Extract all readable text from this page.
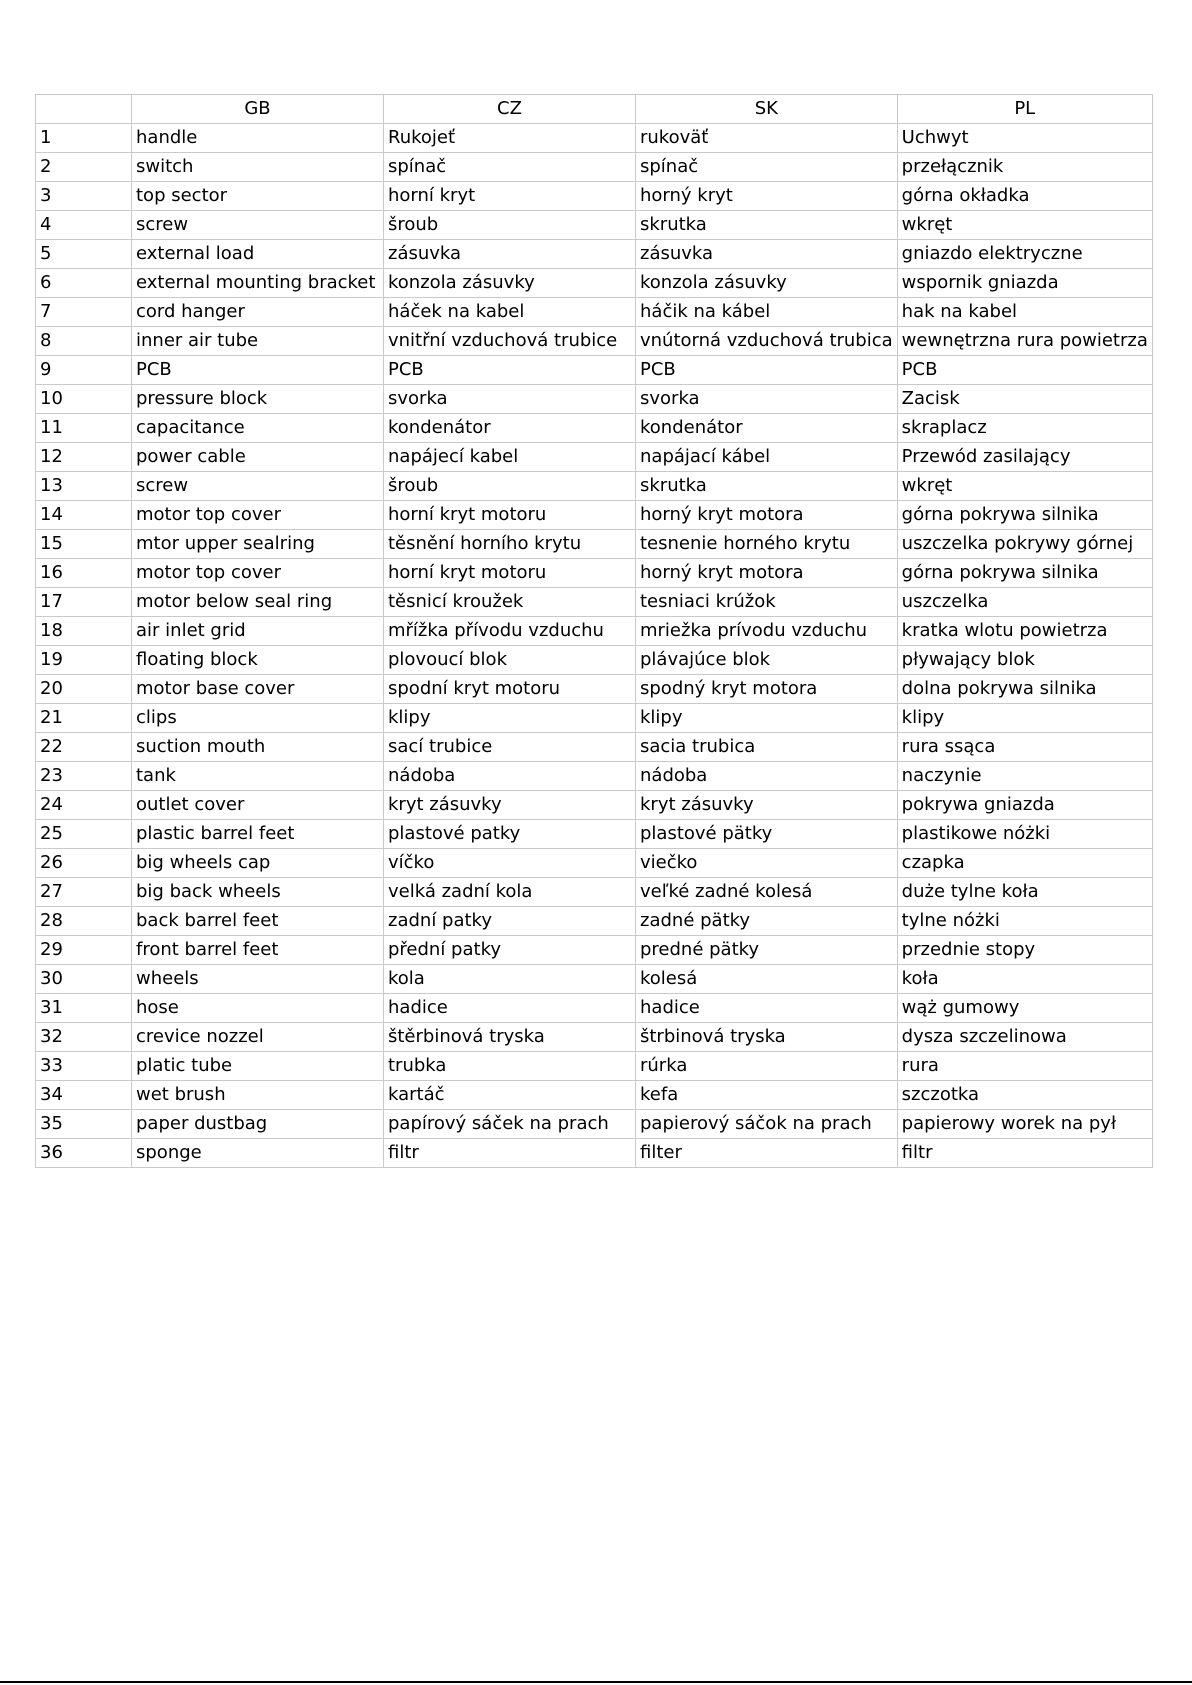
	GB	CZ	SK	PL
1	handle	Rukojeť	rukoväť	Uchwyt
2	switch	spínač	spínač	przełącznik
3	top sector	horní kryt	horný kryt	górna okładka
4	screw	šroub	skrutka	wkręt
5	external load	zásuvka	zásuvka	gniazdo elektryczne
6	external mounting bracket	konzola zásuvky	konzola zásuvky	wspornik gniazda
7	cord hanger	háček na kabel	háčik na kábel	hak na kabel
8	inner air tube	vnitřní vzduchová trubice	vnútorná vzduchová trubica	wewnętrzna rura powietrza
9	PCB	PCB	PCB	PCB
10	pressure block	svorka	svorka	Zacisk
11	capacitance	kondenátor	kondenátor	skraplacz
12	power cable	napájecí kabel	napájací kábel	Przewód zasilający
13	screw	šroub	skrutka	wkręt
14	motor top cover	horní kryt motoru	horný kryt motora	górna pokrywa silnika
15	mtor upper sealring	těsnění horního krytu	tesnenie horného krytu	uszczelka pokrywy górnej
16	motor top cover	horní kryt motoru	horný kryt motora	górna pokrywa silnika
17	motor below seal ring	těsnicí kroužek	tesniaci krúžok	uszczelka
18	air inlet grid	mřížka přívodu vzduchu	mriežka prívodu vzduchu	kratka wlotu powietrza
19	floating block	plovoucí blok	plávajúce blok	pływający blok
20	motor base cover	spodní kryt motoru	spodný kryt motora	dolna pokrywa silnika
21	clips	klipy	klipy	klipy
22	suction mouth	sací trubice	sacia trubica	rura ssąca
23	tank	nádoba	nádoba	naczynie
24	outlet cover	kryt zásuvky	kryt zásuvky	pokrywa gniazda
25	plastic barrel feet	plastové patky	plastové pätky	plastikowe nóżki
26	big wheels cap	víčko	viečko	czapka
27	big back wheels	velká zadní kola	veľké zadné kolesá	duże tylne koła
28	back barrel feet	zadní patky	zadné pätky	tylne nóżki
29	front barrel feet	přední patky	predné pätky	przednie stopy
30	wheels	kola	kolesá	koła
31	hose	hadice	hadice	wąż gumowy
32	crevice nozzel	štěrbinová tryska	štrbinová tryska	dysza szczelinowa
33	platic tube	trubka	rúrka	rura
34	wet brush	kartáč	kefa	szczotka
35	paper dustbag	papírový sáček na prach	papierový sáčok na prach	papierowy worek na pył
36	sponge	filtr	filter	filtr
